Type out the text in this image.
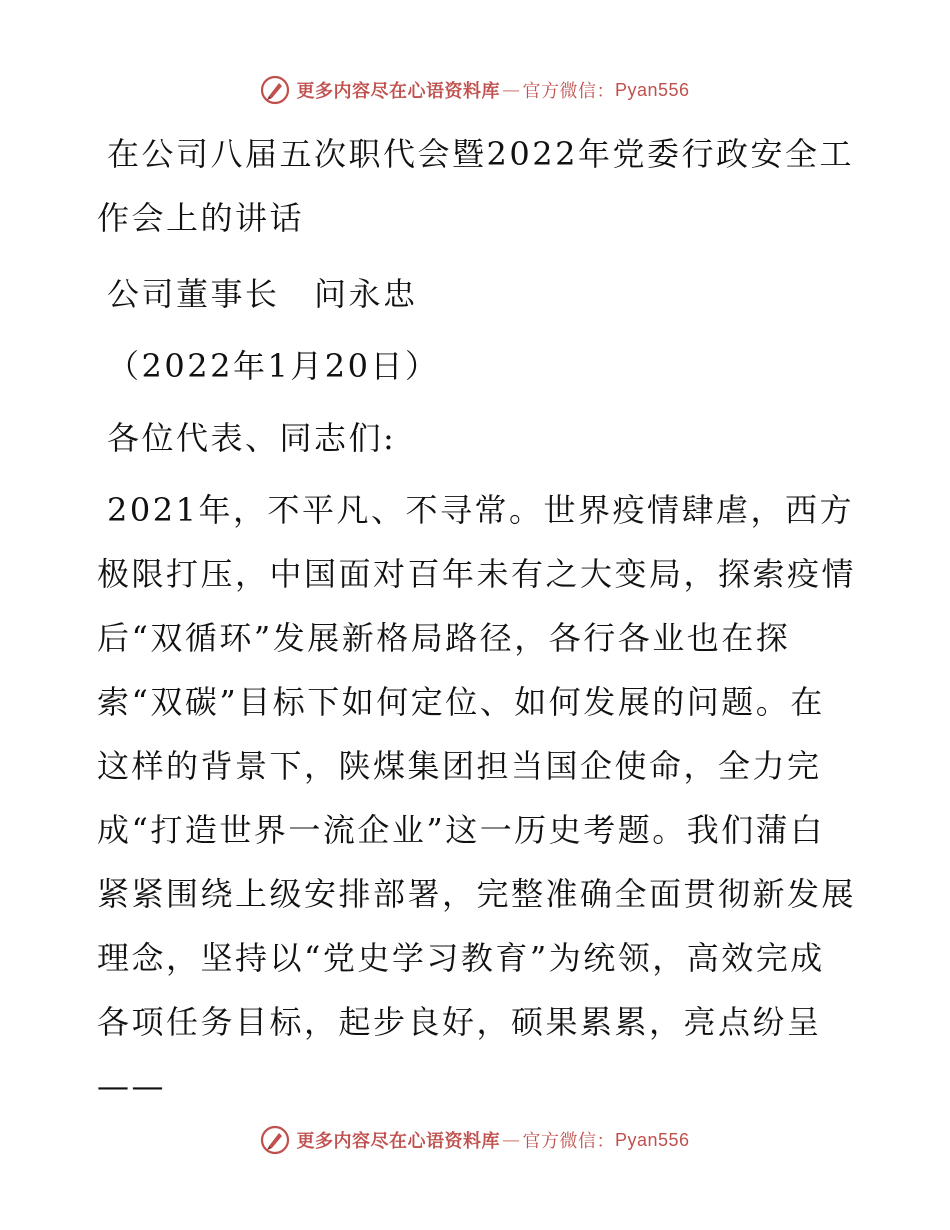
更多内容尽在心语资料库 — 官方微信： Pyan556

在公司八届五次职代会暨2022年党委行政安全工

作会上的讲话

公司董事长　问永忠

（2022年1月20日）

各位代表、同志们:

2021年，不平凡、不寻常。世界疫情肆虐，西方

极限打压，中国面对百年未有之大变局，探索疫情

后“双循环”发展新格局路径，各行各业也在探

索“双碳”目标下如何定位、如何发展的问题。在

这样的背景下，陕煤集团担当国企使命，全力完

成“打造世界一流企业”这一历史考题。我们蒲白

紧紧围绕上级安排部署，完整准确全面贯彻新发展

理念，坚持以“党史学习教育”为统领，高效完成

各项任务目标，起步良好，硕果累累，亮点纷呈

——

更多内容尽在心语资料库 — 官方微信： Pyan556
